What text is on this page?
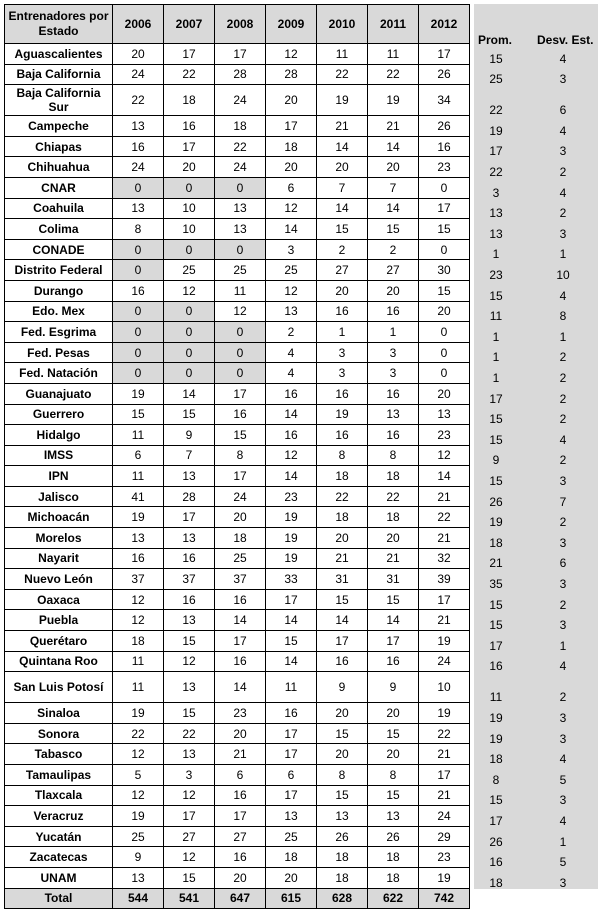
Entrenadores por Estado	2006	2007	2008	2009	2010	2011	2012
Aguascalientes	20	17	17	12	11	11	17
Baja California	24	22	28	28	22	22	26
Baja California Sur	22	18	24	20	19	19	34
Campeche	13	16	18	17	21	21	26
Chiapas	16	17	22	18	14	14	16
Chihuahua	24	20	24	20	20	20	23
CNAR	0	0	0	6	7	7	0
Coahuila	13	10	13	12	14	14	17
Colima	8	10	13	14	15	15	15
CONADE	0	0	0	3	2	2	0
Distrito Federal	0	25	25	25	27	27	30
Durango	16	12	11	12	20	20	15
Edo. Mex	0	0	12	13	16	16	20
Fed. Esgrima	0	0	0	2	1	1	0
Fed. Pesas	0	0	0	4	3	3	0
Fed. Natación	0	0	0	4	3	3	0
Guanajuato	19	14	17	16	16	16	20
Guerrero	15	15	16	14	19	13	13
Hidalgo	11	9	15	16	16	16	23
IMSS	6	7	8	12	8	8	12
IPN	11	13	17	14	18	18	14
Jalisco	41	28	24	23	22	22	21
Michoacán	19	17	20	19	18	18	22
Morelos	13	13	18	19	20	20	21
Nayarit	16	16	25	19	21	21	32
Nuevo León	37	37	37	33	31	31	39
Oaxaca	12	16	16	17	15	15	17
Puebla	12	13	14	14	14	14	21
Querétaro	18	15	17	15	17	17	19
Quintana Roo	11	12	16	14	16	16	24
San Luis Potosí	11	13	14	11	9	9	10
Sinaloa	19	15	23	16	20	20	19
Sonora	22	22	20	17	15	15	22
Tabasco	12	13	21	17	20	20	21
Tamaulipas	5	3	6	6	8	8	17
Tlaxcala	12	12	16	17	15	15	21
Veracruz	19	17	17	13	13	13	24
Yucatán	25	27	27	25	26	26	29
Zacatecas	9	12	16	18	18	18	23
UNAM	13	15	20	20	18	18	19
Total	544	541	647	615	628	622	742
Prom. Desv. Est.
15	4
25	3
22	6
19	4
17	3
22	2
3	4
13	2
13	3
1	1
23	10
15	4
11	8
1	1
1	2
1	2
17	2
15	2
15	4
9	2
15	3
26	7
19	2
18	3
21	6
35	3
15	2
15	3
17	1
16	4
11	2
19	3
19	3
18	4
8	5
15	3
17	4
26	1
16	5
18	3
